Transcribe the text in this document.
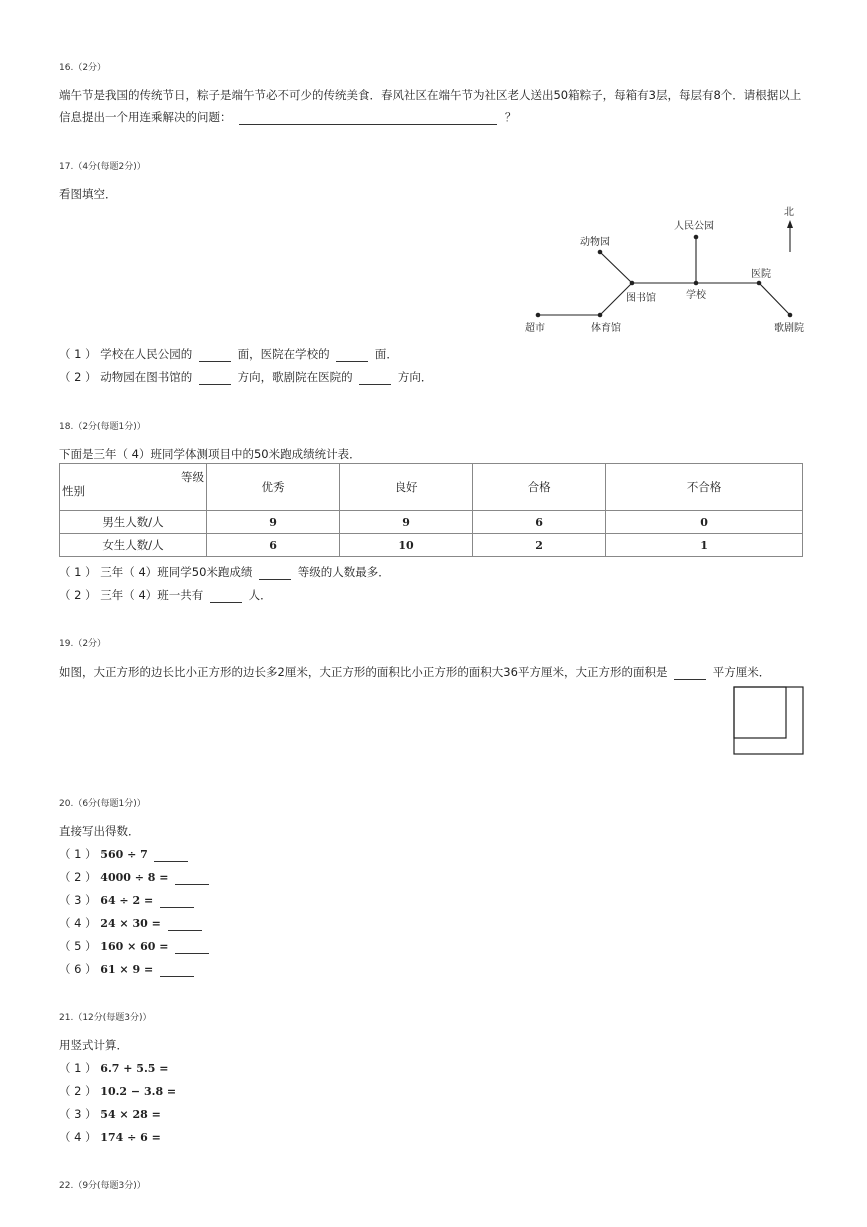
16.（2分）
端午节是我国的传统节日，粽子是端午节必不可少的传统美食．春风社区在端午节为社区老人送出50箱粽子，每箱有3层，每层有8个．请根据以上
信息提出一个用连乘解决的问题：	？
17.（4分(每题2分)）
看图填空．
北
动物园
人民公园
图书馆	学校
医院
超市	体育馆	歌剧院
（ 1 ） 学校在人民公园的	面，医院在学校的	面．
（ 2 ） 动物园在图书馆的	方向，歌剧院在医院的	方向．
18.（2分(每题1分)）
下面是三年（ 4）班同学体测项目中的50米跑成绩统计表．
等级
性别	优秀	良好	合格	不合格
男生人数/人	9	9	6	0
女生人数/人	6	10	2	1
（ 1 ） 三年（ 4）班同学50米跑成绩	等级的人数最多．
（ 2 ） 三年（ 4）班一共有	人．
19.（2分）
如图，大正方形的边长比小正方形的边长多2厘米，大正方形的面积比小正方形的面积大36平方厘米，大正方形的面积是	平方厘米．
20.（6分(每题1分)）
直接写出得数．
（ 1 ） 560 ÷ 7
（ 2 ） 4000 ÷ 8 =
（ 3 ） 64 ÷ 2 =
（ 4 ） 24 × 30 =
（ 5 ） 160 × 60 =
（ 6 ） 61 × 9 =
21.（12分(每题3分)）
用竖式计算．
（ 1 ） 6.7 + 5.5 =
（ 2 ） 10.2 − 3.8 =
（ 3 ） 54 × 28 =
（ 4 ） 174 ÷ 6 =
22.（9分(每题3分)）
